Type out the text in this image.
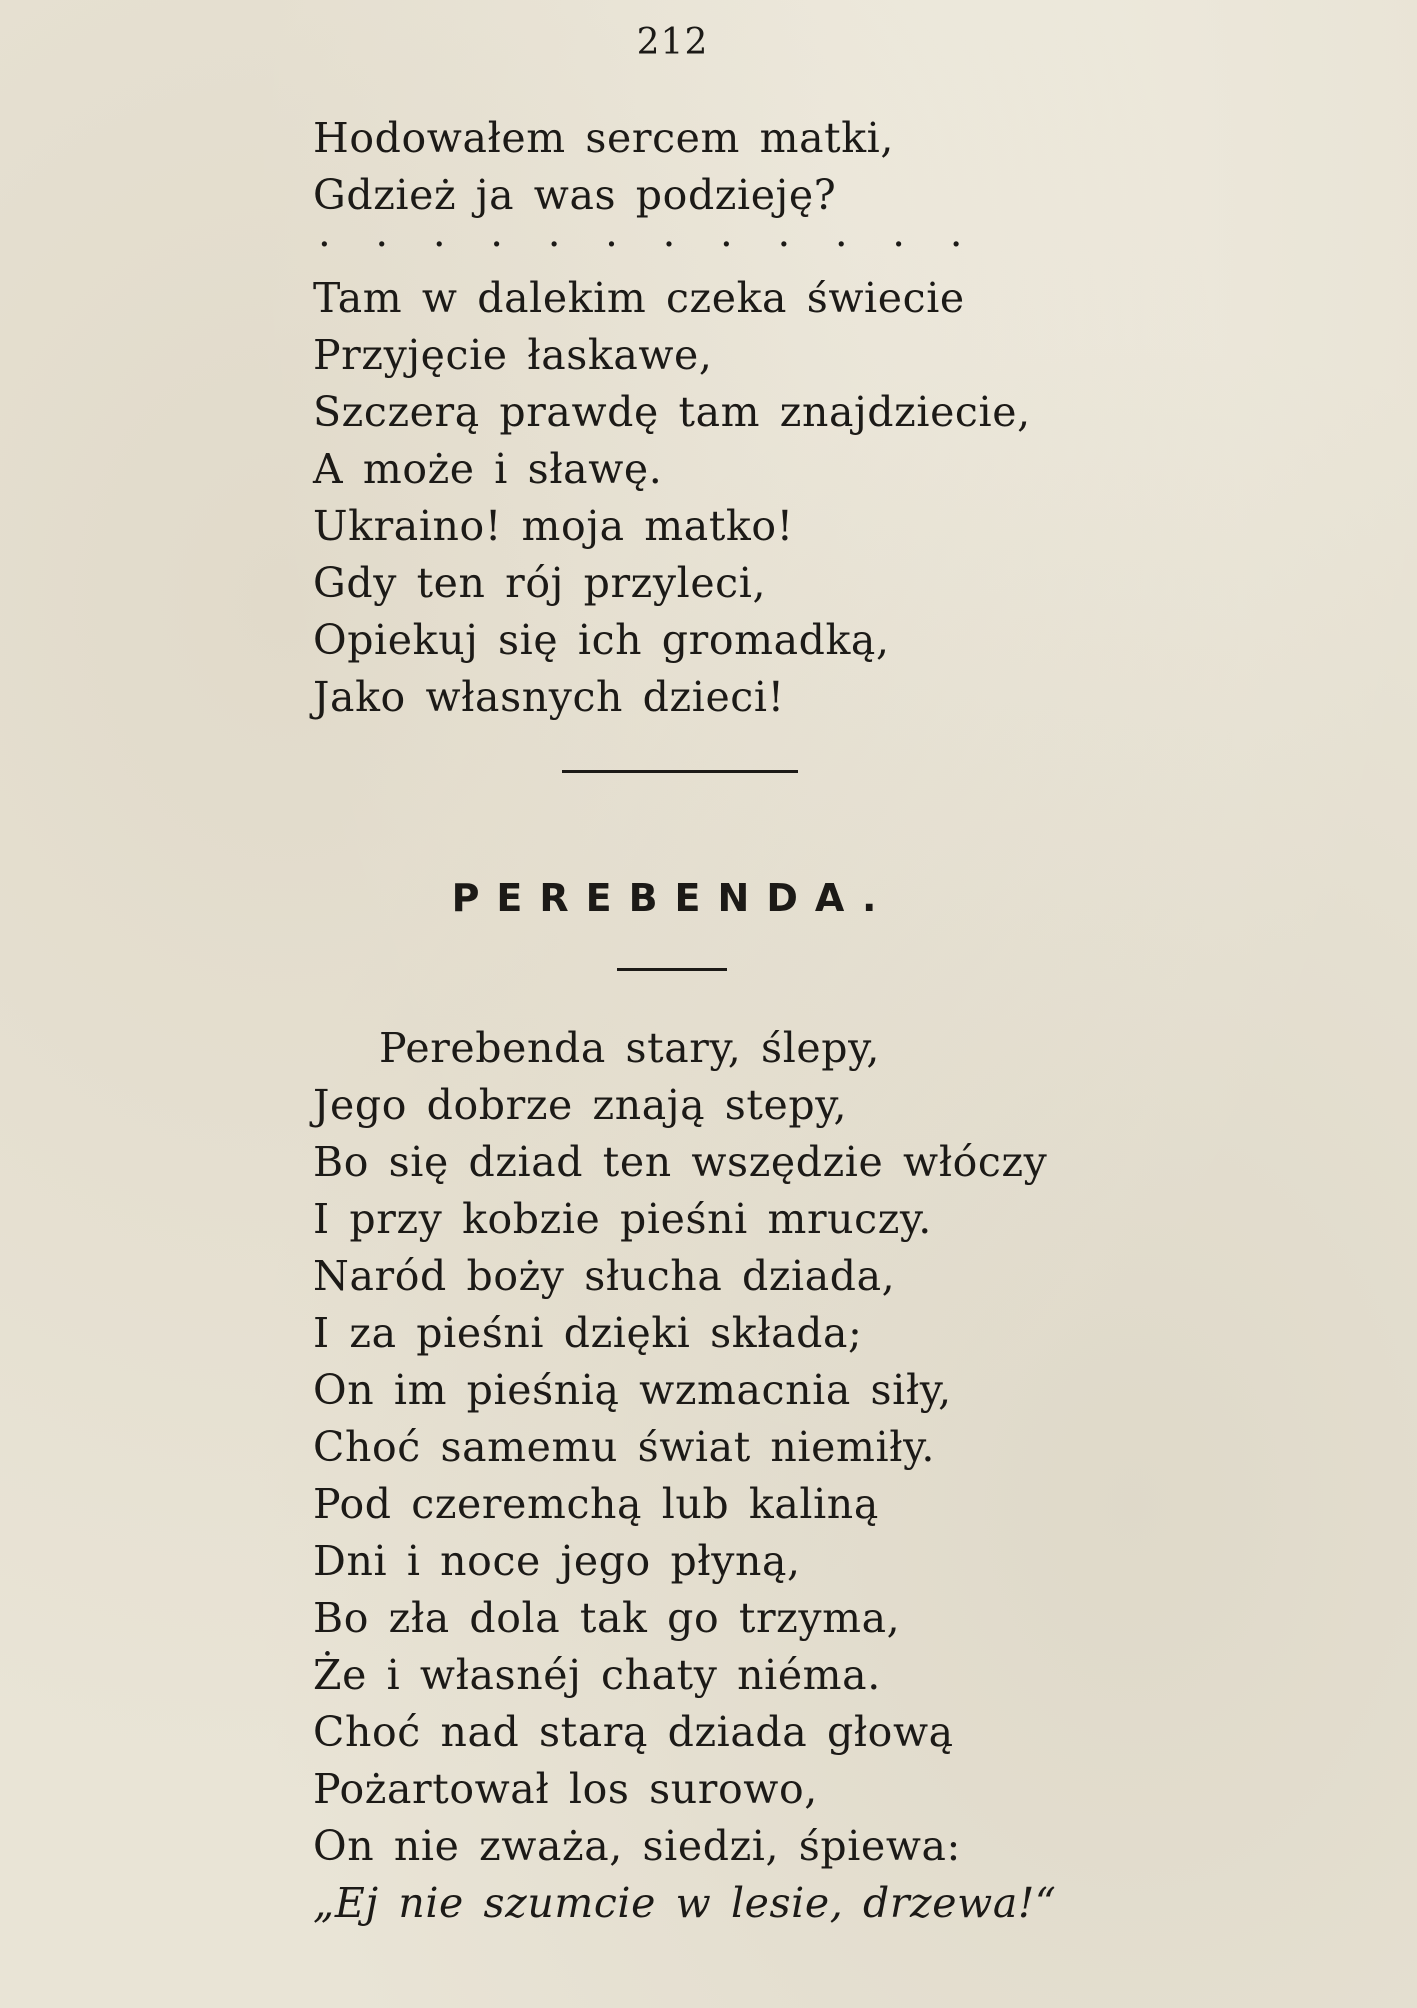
212
Hodowałem sercem matki,
Gdzież ja was podzieję?
. . . . . . . . . . . .
Tam w dalekim czeka świecie
Przyjęcie łaskawe,
Szczerą prawdę tam znajdziecie,
A może i sławę.
Ukraino! moja matko!
Gdy ten rój przyleci,
Opiekuj się ich gromadką,
Jako własnych dzieci!
PEREBENDA.
Perebenda stary, ślepy,
Jego dobrze znają stepy,
Bo się dziad ten wszędzie włóczy
I przy kobzie pieśni mruczy.
Naród boży słucha dziada,
I za pieśni dzięki składa;
On im pieśnią wzmacnia siły,
Choć samemu świat niemiły.
Pod czeremchą lub kaliną
Dni i noce jego płyną,
Bo zła dola tak go trzyma,
Że i własnéj chaty niéma.
Choć nad starą dziada głową
Pożartował los surowo,
On nie zważa, siedzi, śpiewa:
„Ej nie szumcie w lesie, drzewa!“
